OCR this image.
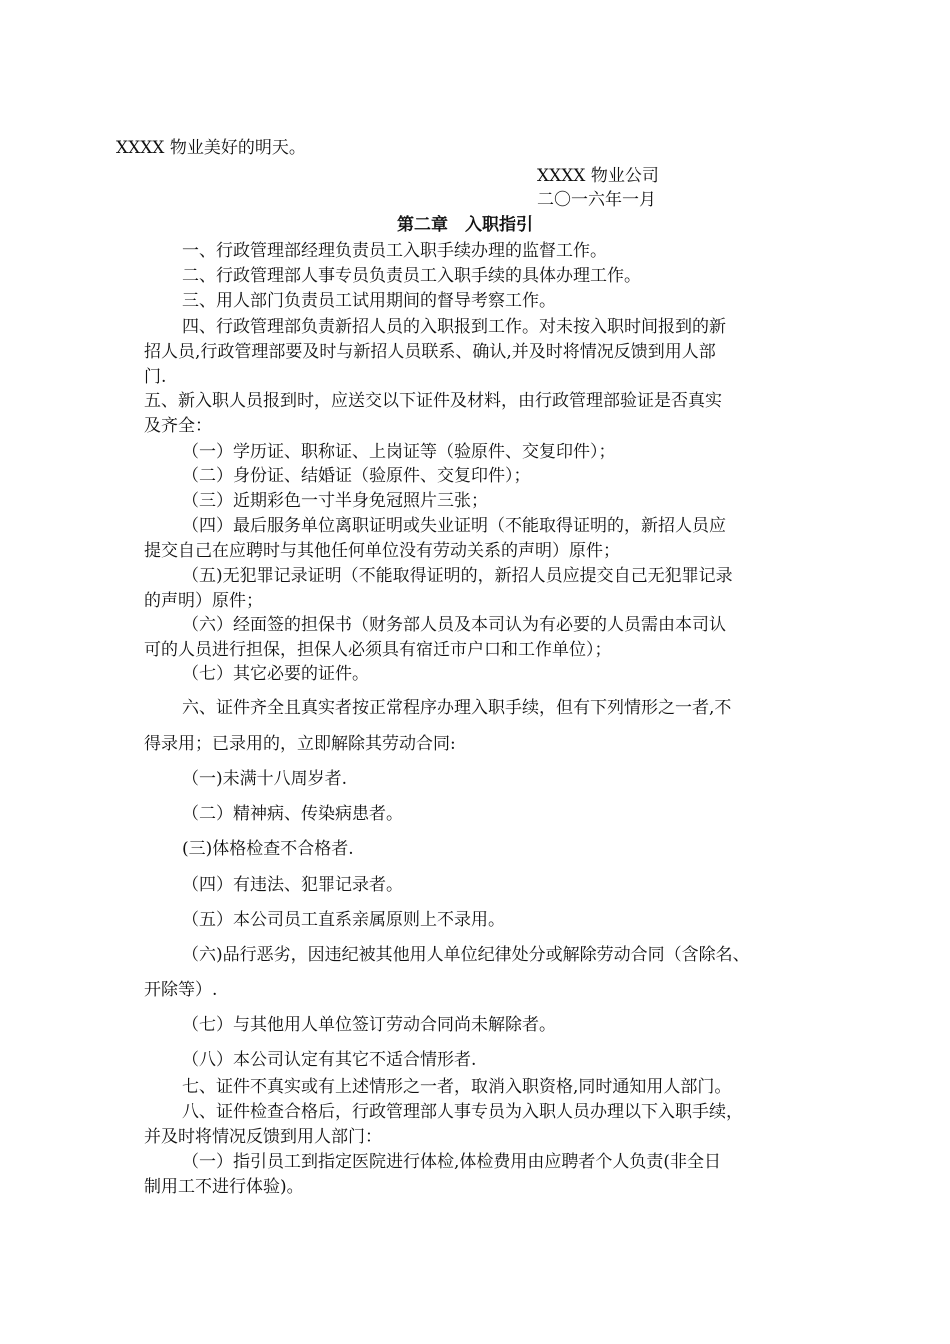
XXXX 物业美好的明天。
XXXX 物业公司
二〇一六年一月
第二章　入职指引
一、行政管理部经理负责员工入职手续办理的监督工作。
二、行政管理部人事专员负责员工入职手续的具体办理工作。
三、用人部门负责员工试用期间的督导考察工作。
四、行政管理部负责新招人员的入职报到工作。对未按入职时间报到的新
招人员,行政管理部要及时与新招人员联系、确认,并及时将情况反馈到用人部
门.
五、新入职人员报到时，应送交以下证件及材料，由行政管理部验证是否真实
及齐全：
（一）学历证、职称证、上岗证等（验原件、交复印件）；
（二）身份证、结婚证（验原件、交复印件）；
（三）近期彩色一寸半身免冠照片三张；
（四）最后服务单位离职证明或失业证明（不能取得证明的，新招人员应
提交自己在应聘时与其他任何单位没有劳动关系的声明）原件；
（五)无犯罪记录证明（不能取得证明的，新招人员应提交自己无犯罪记录
的声明）原件；
（六）经面签的担保书（财务部人员及本司认为有必要的人员需由本司认
可的人员进行担保，担保人必须具有宿迁市户口和工作单位）；
（七）其它必要的证件。
六、证件齐全且真实者按正常程序办理入职手续，但有下列情形之一者,不
得录用；已录用的，立即解除其劳动合同:
（一)未满十八周岁者.
（二）精神病、传染病患者。
(三)体格检查不合格者.
（四）有违法、犯罪记录者。
（五）本公司员工直系亲属原则上不录用。
（六)品行恶劣，因违纪被其他用人单位纪律处分或解除劳动合同（含除名、
开除等）.
（七）与其他用人单位签订劳动合同尚未解除者。
（八）本公司认定有其它不适合情形者.
七、证件不真实或有上述情形之一者，取消入职资格,同时通知用人部门。
八、证件检查合格后，行政管理部人事专员为入职人员办理以下入职手续，
并及时将情况反馈到用人部门：
（一）指引员工到指定医院进行体检,体检费用由应聘者个人负责(非全日
制用工不进行体验)。
